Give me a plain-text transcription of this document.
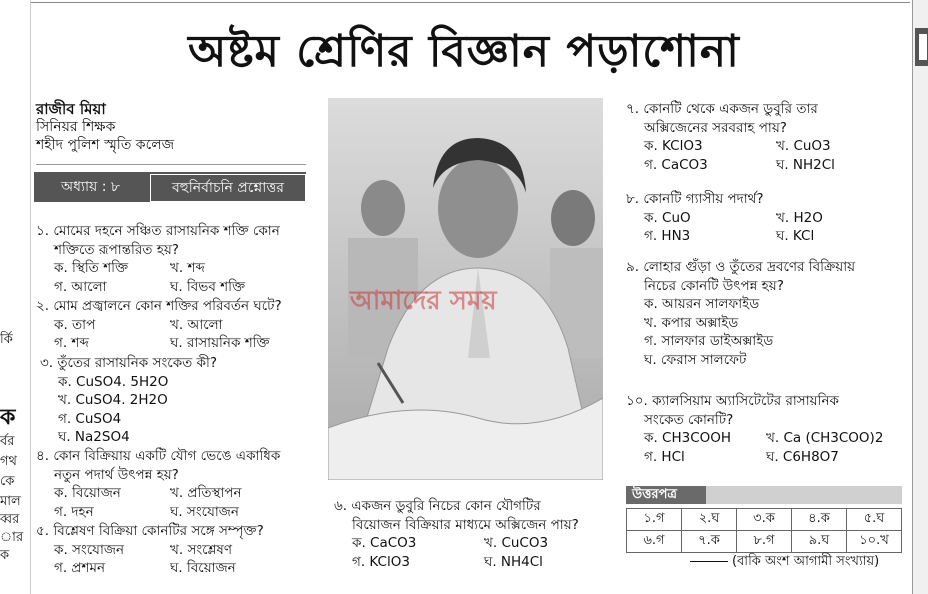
র্কি
ক
র্বর
গথ
কে
মাল
ব্বর
ার
ক
অষ্টম শ্রেণির বিজ্ঞান পড়াশোনা
রাজীব মিয়া
সিনিয়র শিক্ষক
শহীদ পুলিশ স্মৃতি কলেজ
অধ্যায় : ৮	বহুনির্বাচনি প্রশ্নোত্তর
১. মোমের দহনে সঞ্চিত রাসায়নিক শক্তি কোন
শক্তিতে রূপান্তরিত হয়?
ক. স্থিতি শক্তি	খ. শব্দ
গ. আলো	ঘ. বিভব শক্তি
২. মোম প্রজ্বালনে কোন শক্তির পরিবর্তন ঘটে?
ক. তাপ	খ. আলো
গ. শব্দ	ঘ. রাসায়নিক শক্তি
৩. তুঁতের রাসায়নিক সংকেত কী?
ক. CuSO4. 5H2O
খ. CuSO4. 2H2O
গ. CuSO4
ঘ. Na2SO4
৪. কোন বিক্রিয়ায় একটি যৌগ ভেঙে একাধিক
নতুন পদার্থ উৎপন্ন হয়?
ক. বিয়োজন	খ. প্রতিস্থাপন
গ. দহন	ঘ. সংযোজন
৫. বিশ্লেষণ বিক্রিয়া কোনটির সঙ্গে সম্পৃক্ত?
ক. সংযোজন	খ. সংশ্লেষণ
গ. প্রশমন	ঘ. বিয়োজন
আমাদের সময়
৬. একজন ডুবুরি নিচের কোন যৌগটির
বিয়োজন বিক্রিয়ার মাধ্যমে অক্সিজেন পায়?
ক. CaCO3	খ. CuCO3
গ. KClO3	ঘ. NH4Cl
৭. কোনটি থেকে একজন ডুবুরি তার
অক্সিজেনের সরবরাহ পায়?
ক. KClO3	খ. CuO3
গ. CaCO3	ঘ. NH2Cl
৮. কোনটি গ্যাসীয় পদার্থ?
ক. CuO	খ. H2O
গ. HN3	ঘ. KCl
৯. লোহার গুঁড়া ও তুঁতের দ্রবণের বিক্রিয়ায়
নিচের কোনটি উৎপন্ন হয়?
ক. আয়রন সালফাইড
খ. কপার অক্সাইড
গ. সালফার ডাইঅক্সাইড
ঘ. ফেরাস সালফেট
১০. ক্যালসিয়াম অ্যাসিটেটের রাসায়নিক
সংকেত কোনটি?
ক. CH3COOH	খ. Ca (CH3COO)2
গ. HCl	ঘ. C6H8O7
উত্তরপত্র
১.গ	২.ঘ	৩.ক	৪.ক	৫.ঘ
৬.গ	৭.ক	৮.গ	৯.ঘ	১০.খ
(বাকি অংশ আগামী সংখ্যায়)
